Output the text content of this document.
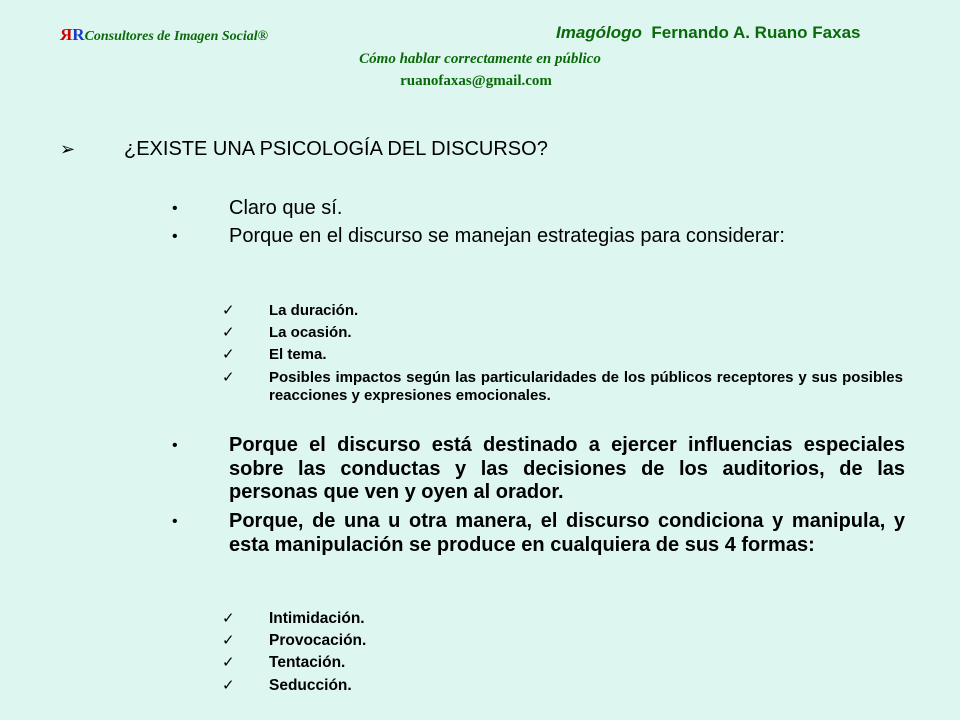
RRConsultores de Imagen Social®	Imagólogo Fernando A. Ruano Faxas
Cómo hablar correctamente en público
ruanofaxas@gmail.com
➢ ¿EXISTE UNA PSICOLOGÍA DEL DISCURSO?
•	Claro que sí.
•	Porque en el discurso se manejan estrategias para considerar:
✓ La duración.
✓ La ocasión.
✓ El tema.
✓ Posibles impactos según las particularidades de los públicos receptores y sus posibles reacciones y expresiones emocionales.
•	Porque el discurso está destinado a ejercer influencias especiales sobre las conductas y las decisiones de los auditorios, de las personas que ven y oyen al orador.
•	Porque, de una u otra manera, el discurso condiciona y manipula, y esta manipulación se produce en cualquiera de sus 4 formas:
✓ Intimidación.
✓ Provocación.
✓ Tentación.
✓ Seducción.
